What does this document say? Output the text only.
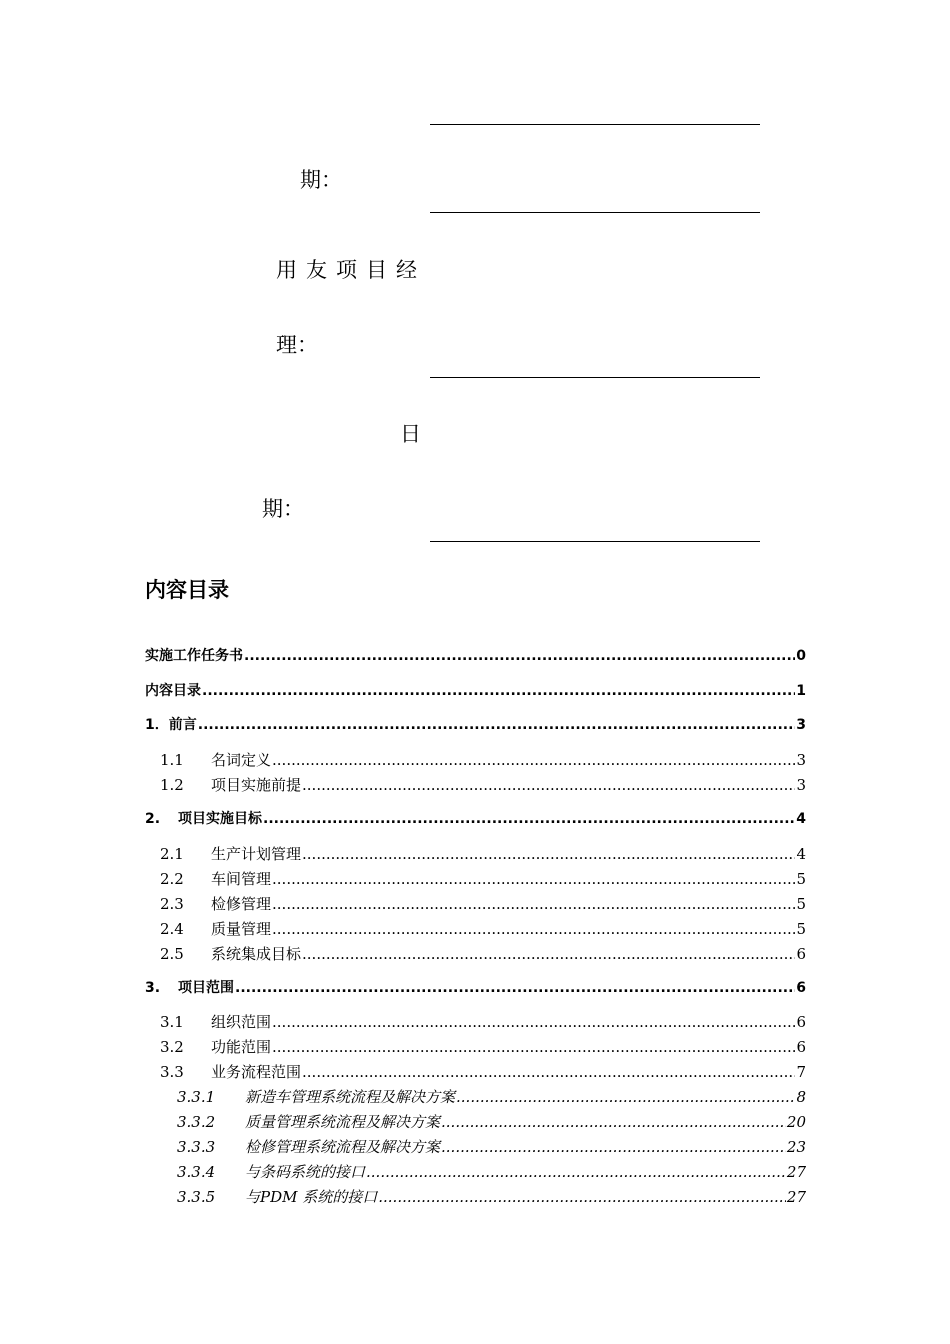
期：
用友项目经
理：
日
期：
内容目录
实施工作任务书 .....	0
内容目录 .....	1
1．前言 .....	3
1.1	名词定义 .....	3
1.2	项目实施前提 .....	3
2.	项目实施目标 .....	4
2.1	生产计划管理 .....	4
2.2	车间管理 .....	5
2.3	检修管理 .....	5
2.4	质量管理 .....	5
2.5	系统集成目标 .....	6
3.	项目范围 .....	6
3.1	组织范围 .....	6
3.2	功能范围 .....	6
3.3	业务流程范围 .....	7
3.3.1	新造车管理系统流程及解决方案 .....	8
3.3.2	质量管理系统流程及解决方案 .....	20
3.3.3	检修管理系统流程及解决方案 .....	23
3.3.4	与条码系统的接口 .....	27
3.3.5	与PDM 系统的接口 .....	27
